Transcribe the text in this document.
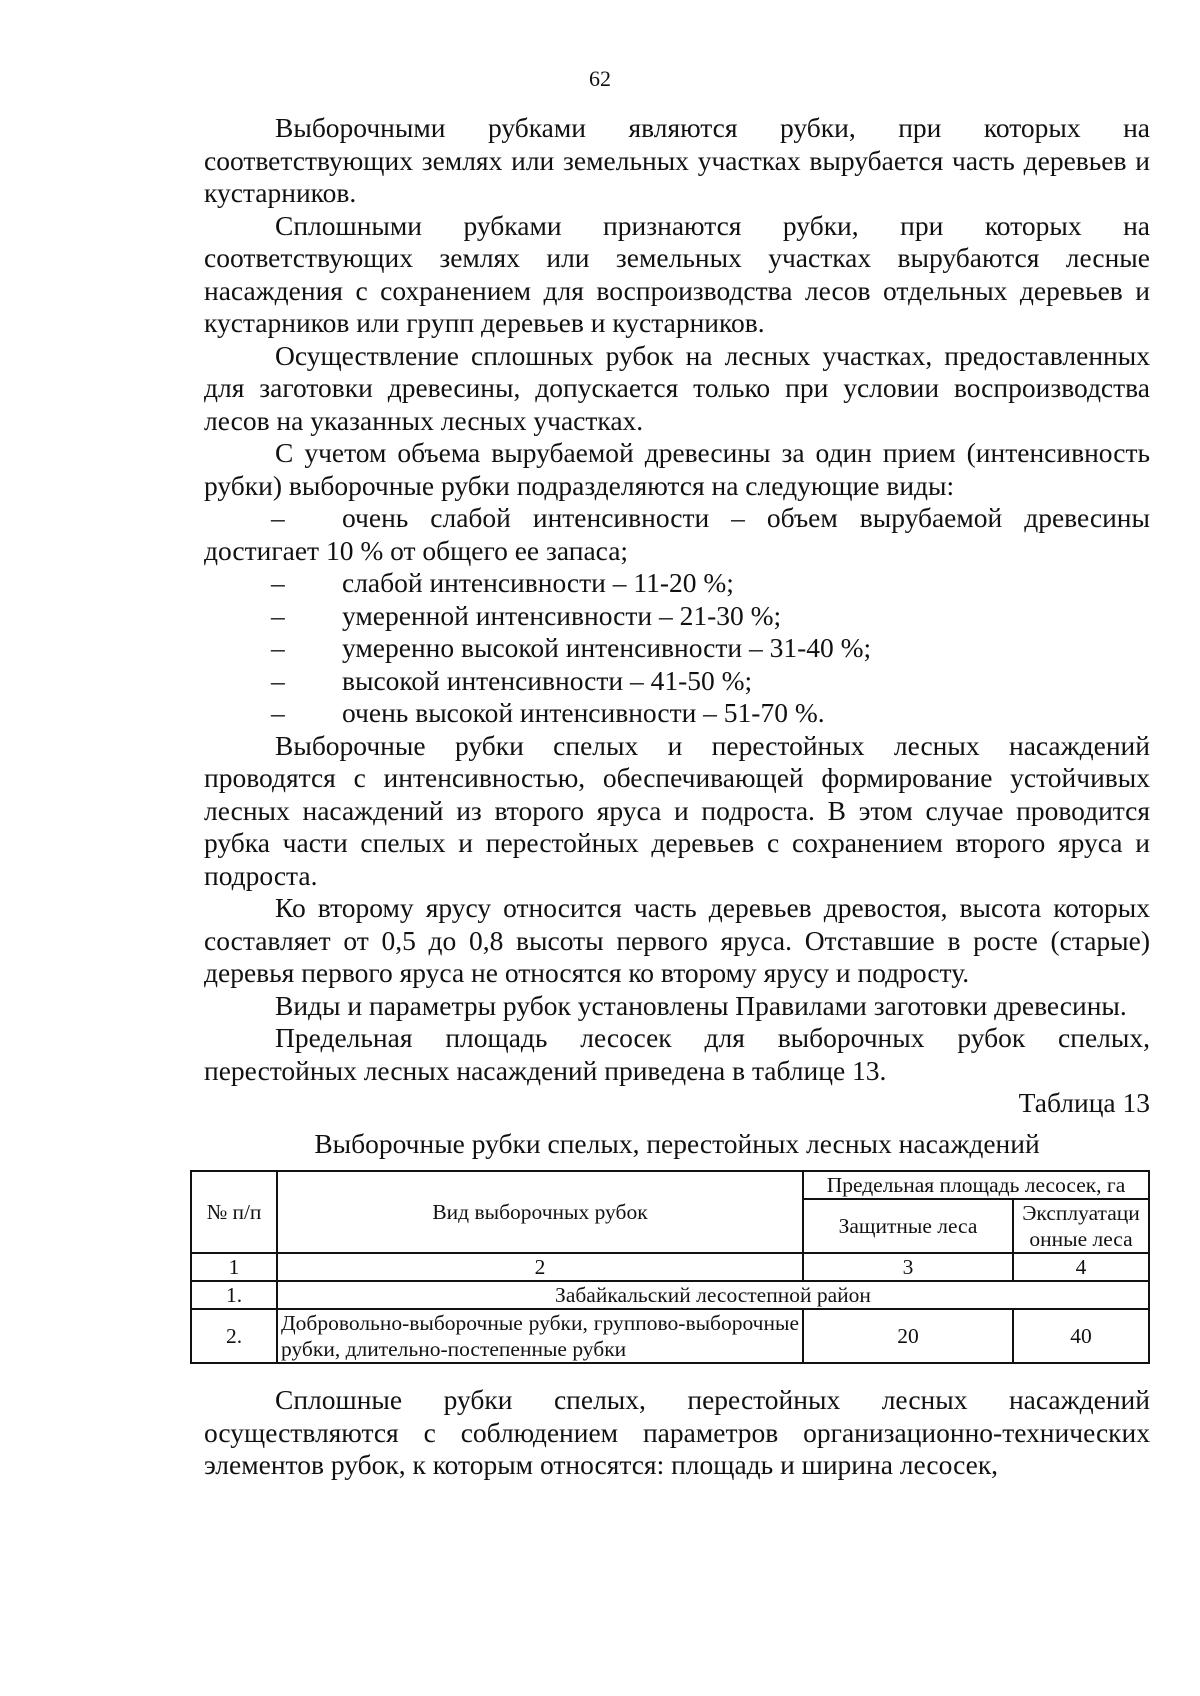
62

Выборочными рубками являются рубки, при которых на соответствующих землях или земельных участках вырубается часть деревьев и кустарников.

Сплошными рубками признаются рубки, при которых на соответствующих землях или земельных участках вырубаются лесные насаждения с сохранением для воспроизводства лесов отдельных деревьев и кустарников или групп деревьев и кустарников.

Осуществление сплошных рубок на лесных участках, предоставленных для заготовки древесины, допускается только при условии воспроизводства лесов на указанных лесных участках.

С учетом объема вырубаемой древесины за один прием (интенсивность рубки) выборочные рубки подразделяются на следующие виды:

– очень слабой интенсивности – объем вырубаемой древесины достигает 10 % от общего ее запаса;

–	слабой интенсивности – 11-20 %;

–	умеренной интенсивности – 21-30 %;

–	умеренно высокой интенсивности – 31-40 %;

–	высокой интенсивности – 41-50 %;

–	очень высокой интенсивности – 51-70 %.

Выборочные рубки спелых и перестойных лесных насаждений проводятся с интенсивностью, обеспечивающей формирование устойчивых лесных насаждений из второго яруса и подроста. В этом случае проводится рубка части спелых и перестойных деревьев с сохранением второго яруса и подроста.

Ко второму ярусу относится часть деревьев древостоя, высота которых составляет от 0,5 до 0,8 высоты первого яруса. Отставшие в росте (старые) деревья первого яруса не относятся ко второму ярусу и подросту.

Виды и параметры рубок установлены Правилами заготовки древесины.

Предельная площадь лесосек для выборочных рубок спелых, перестойных лесных насаждений приведена в таблице 13.

Таблица 13

Выборочные рубки спелых, перестойных лесных насаждений

№ п/п	Вид выборочных рубок	Предельная площадь лесосек, га	
		Защитные леса	Эксплуатаци онные леса
1	2	3	4
1.	Забайкальский лесостепной район		
2.	Добровольно-выборочные рубки, группово-выборочные рубки, длительно-постепенные рубки	20	40

Сплошные рубки спелых, перестойных лесных насаждений осуществляются с соблюдением параметров организационно-технических элементов рубок, к которым относятся: площадь и ширина лесосек,
